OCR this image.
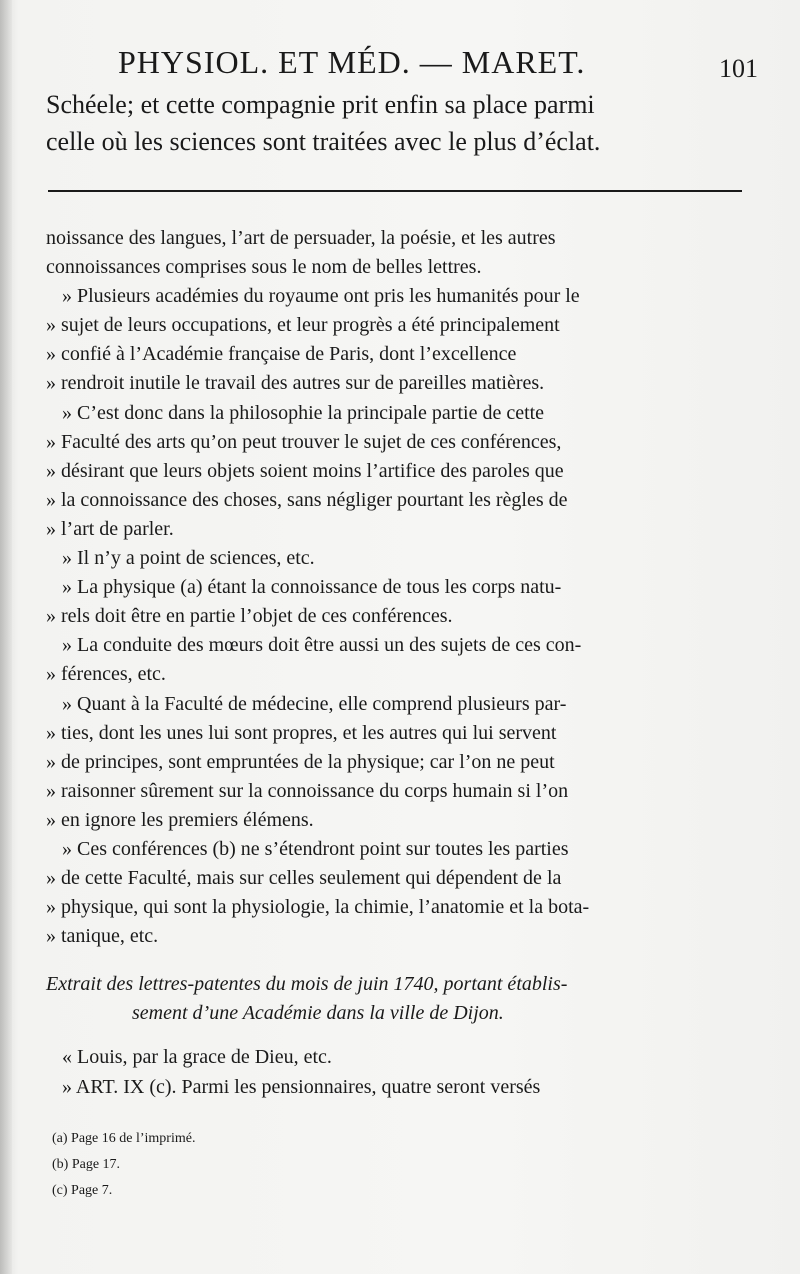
PHYSIOL. ET MÉD. — MARET.	101

Schéele; et cette compagnie prit enfin sa place parmi

celle où les sciences sont traitées avec le plus d’éclat.

noissance des langues, l’art de persuader, la poésie, et les autres

connoissances comprises sous le nom de belles lettres.

» Plusieurs académies du royaume ont pris les humanités pour le

» sujet de leurs occupations, et leur progrès a été principalement

» confié à l’Académie française de Paris, dont l’excellence

» rendroit inutile le travail des autres sur de pareilles matières.

» C’est donc dans la philosophie la principale partie de cette

» Faculté des arts qu’on peut trouver le sujet de ces conférences,

» désirant que leurs objets soient moins l’artifice des paroles que

» la connoissance des choses, sans négliger pourtant les règles de

» l’art de parler.

» Il n’y a point de sciences, etc.

» La physique (a) étant la connoissance de tous les corps natu-

» rels doit être en partie l’objet de ces conférences.

» La conduite des mœurs doit être aussi un des sujets de ces con-

» férences, etc.

» Quant à la Faculté de médecine, elle comprend plusieurs par-

» ties, dont les unes lui sont propres, et les autres qui lui servent

» de principes, sont empruntées de la physique; car l’on ne peut

» raisonner sûrement sur la connoissance du corps humain si l’on

» en ignore les premiers élémens.

» Ces conférences (b) ne s’étendront point sur toutes les parties

» de cette Faculté, mais sur celles seulement qui dépendent de la

» physique, qui sont la physiologie, la chimie, l’anatomie et la bota-

» tanique, etc.

Extrait des lettres-patentes du mois de juin 1740, portant établis-

sement d’une Académie dans la ville de Dijon.

« Louis, par la grace de Dieu, etc.

» ART. IX (c). Parmi les pensionnaires, quatre seront versés

(a) Page 16 de l’imprimé.

(b) Page 17.

(c) Page 7.
